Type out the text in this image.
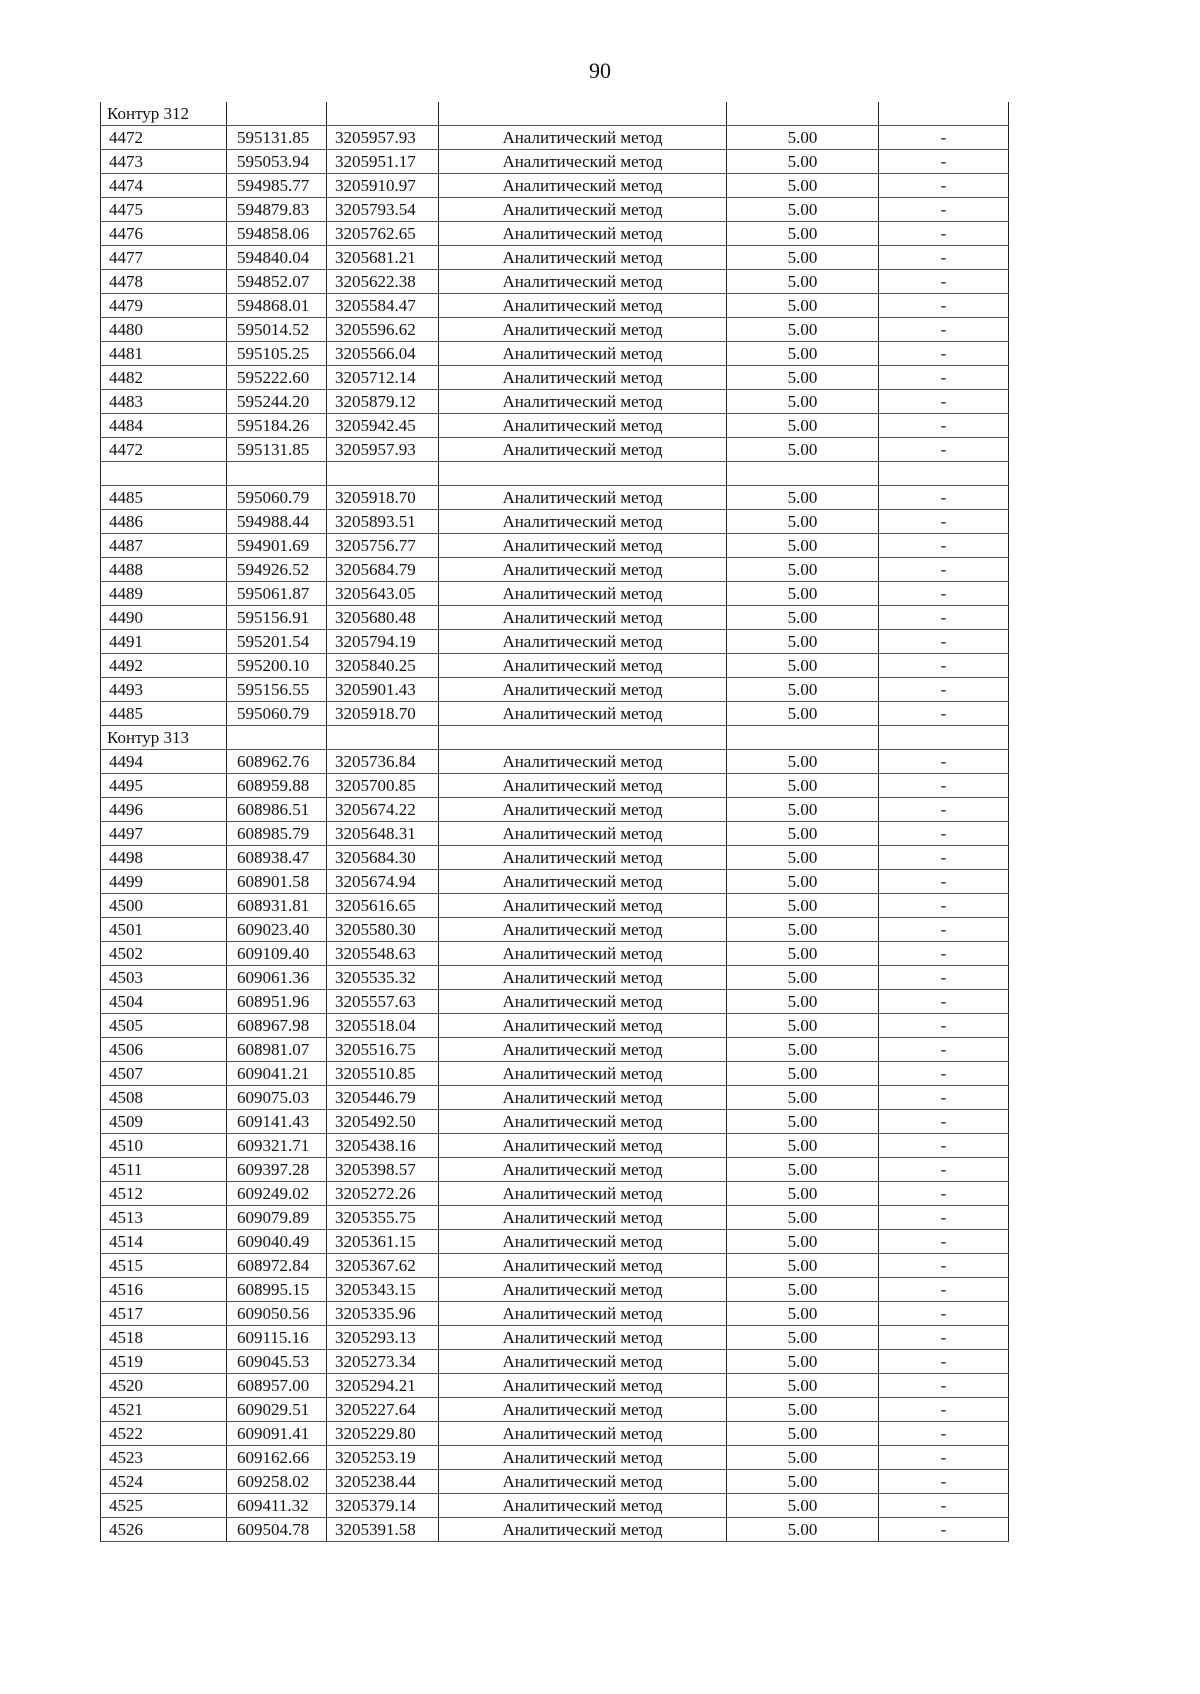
90
Контур 312					
4472	595131.85	3205957.93	Аналитический метод	5.00	-
4473	595053.94	3205951.17	Аналитический метод	5.00	-
4474	594985.77	3205910.97	Аналитический метод	5.00	-
4475	594879.83	3205793.54	Аналитический метод	5.00	-
4476	594858.06	3205762.65	Аналитический метод	5.00	-
4477	594840.04	3205681.21	Аналитический метод	5.00	-
4478	594852.07	3205622.38	Аналитический метод	5.00	-
4479	594868.01	3205584.47	Аналитический метод	5.00	-
4480	595014.52	3205596.62	Аналитический метод	5.00	-
4481	595105.25	3205566.04	Аналитический метод	5.00	-
4482	595222.60	3205712.14	Аналитический метод	5.00	-
4483	595244.20	3205879.12	Аналитический метод	5.00	-
4484	595184.26	3205942.45	Аналитический метод	5.00	-
4472	595131.85	3205957.93	Аналитический метод	5.00	-

4485	595060.79	3205918.70	Аналитический метод	5.00	-
4486	594988.44	3205893.51	Аналитический метод	5.00	-
4487	594901.69	3205756.77	Аналитический метод	5.00	-
4488	594926.52	3205684.79	Аналитический метод	5.00	-
4489	595061.87	3205643.05	Аналитический метод	5.00	-
4490	595156.91	3205680.48	Аналитический метод	5.00	-
4491	595201.54	3205794.19	Аналитический метод	5.00	-
4492	595200.10	3205840.25	Аналитический метод	5.00	-
4493	595156.55	3205901.43	Аналитический метод	5.00	-
4485	595060.79	3205918.70	Аналитический метод	5.00	-
Контур 313					
4494	608962.76	3205736.84	Аналитический метод	5.00	-
4495	608959.88	3205700.85	Аналитический метод	5.00	-
4496	608986.51	3205674.22	Аналитический метод	5.00	-
4497	608985.79	3205648.31	Аналитический метод	5.00	-
4498	608938.47	3205684.30	Аналитический метод	5.00	-
4499	608901.58	3205674.94	Аналитический метод	5.00	-
4500	608931.81	3205616.65	Аналитический метод	5.00	-
4501	609023.40	3205580.30	Аналитический метод	5.00	-
4502	609109.40	3205548.63	Аналитический метод	5.00	-
4503	609061.36	3205535.32	Аналитический метод	5.00	-
4504	608951.96	3205557.63	Аналитический метод	5.00	-
4505	608967.98	3205518.04	Аналитический метод	5.00	-
4506	608981.07	3205516.75	Аналитический метод	5.00	-
4507	609041.21	3205510.85	Аналитический метод	5.00	-
4508	609075.03	3205446.79	Аналитический метод	5.00	-
4509	609141.43	3205492.50	Аналитический метод	5.00	-
4510	609321.71	3205438.16	Аналитический метод	5.00	-
4511	609397.28	3205398.57	Аналитический метод	5.00	-
4512	609249.02	3205272.26	Аналитический метод	5.00	-
4513	609079.89	3205355.75	Аналитический метод	5.00	-
4514	609040.49	3205361.15	Аналитический метод	5.00	-
4515	608972.84	3205367.62	Аналитический метод	5.00	-
4516	608995.15	3205343.15	Аналитический метод	5.00	-
4517	609050.56	3205335.96	Аналитический метод	5.00	-
4518	609115.16	3205293.13	Аналитический метод	5.00	-
4519	609045.53	3205273.34	Аналитический метод	5.00	-
4520	608957.00	3205294.21	Аналитический метод	5.00	-
4521	609029.51	3205227.64	Аналитический метод	5.00	-
4522	609091.41	3205229.80	Аналитический метод	5.00	-
4523	609162.66	3205253.19	Аналитический метод	5.00	-
4524	609258.02	3205238.44	Аналитический метод	5.00	-
4525	609411.32	3205379.14	Аналитический метод	5.00	-
4526	609504.78	3205391.58	Аналитический метод	5.00	-
